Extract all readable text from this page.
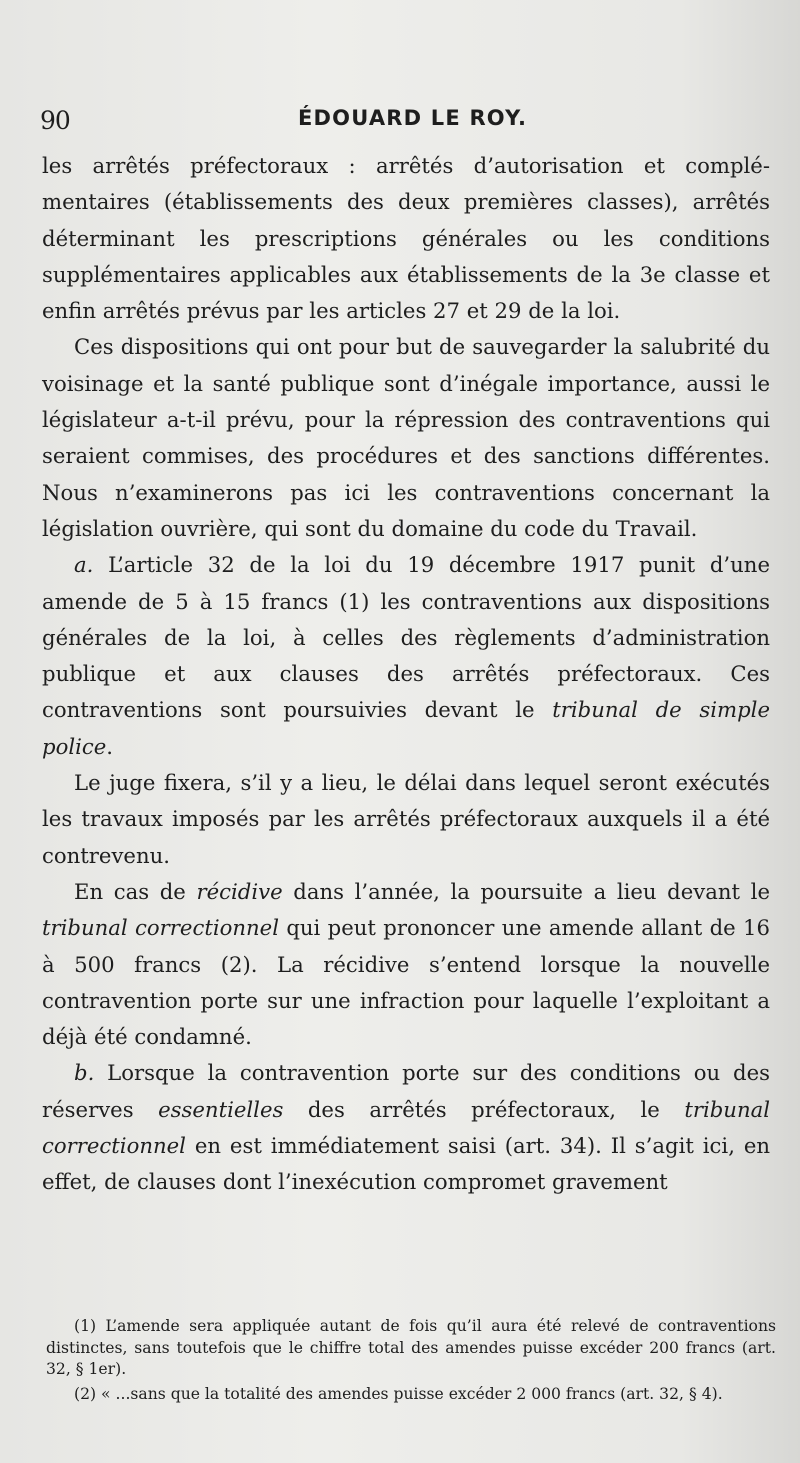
90	ÉDOUARD LE ROY.

les arrêtés préfectoraux : arrêtés d’autorisation et complémentaires (établissements des deux premières classes), arrêtés déterminant les prescriptions générales ou les conditions supplémentaires applicables aux établissements de la 3e classe et enfin arrêtés prévus par les articles 27 et 29 de la loi.

Ces dispositions qui ont pour but de sauvegarder la salubrité du voisinage et la santé publique sont d’inégale importance, aussi le législateur a-t-il prévu, pour la répression des contraventions qui seraient commises, des procédures et des sanctions différentes. Nous n’examinerons pas ici les contraventions concernant la législation ouvrière, qui sont du domaine du code du Travail.

a. L’article 32 de la loi du 19 décembre 1917 punit d’une amende de 5 à 15 francs (1) les contraventions aux dispositions générales de la loi, à celles des règlements d’administration publique et aux clauses des arrêtés préfectoraux. Ces contraventions sont poursuivies devant le tribunal de simple police.

Le juge fixera, s’il y a lieu, le délai dans lequel seront exécutés les travaux imposés par les arrêtés préfectoraux auxquels il a été contrevenu.

En cas de récidive dans l’année, la poursuite a lieu devant le tribunal correctionnel qui peut prononcer une amende allant de 16 à 500 francs (2). La récidive s’entend lorsque la nouvelle contravention porte sur une infraction pour laquelle l’exploitant a déjà été condamné.

b. Lorsque la contravention porte sur des conditions ou des réserves essentielles des arrêtés préfectoraux, le tribunal correctionnel en est immédiatement saisi (art. 34). Il s’agit ici, en effet, de clauses dont l’inexécution compromet gravement

(1) L’amende sera appliquée autant de fois qu’il aura été relevé de contraventions distinctes, sans toutefois que le chiffre total des amendes puisse excéder 200 francs (art. 32, § 1er).

(2) « ...sans que la totalité des amendes puisse excéder 2 000 francs (art. 32, § 4).
